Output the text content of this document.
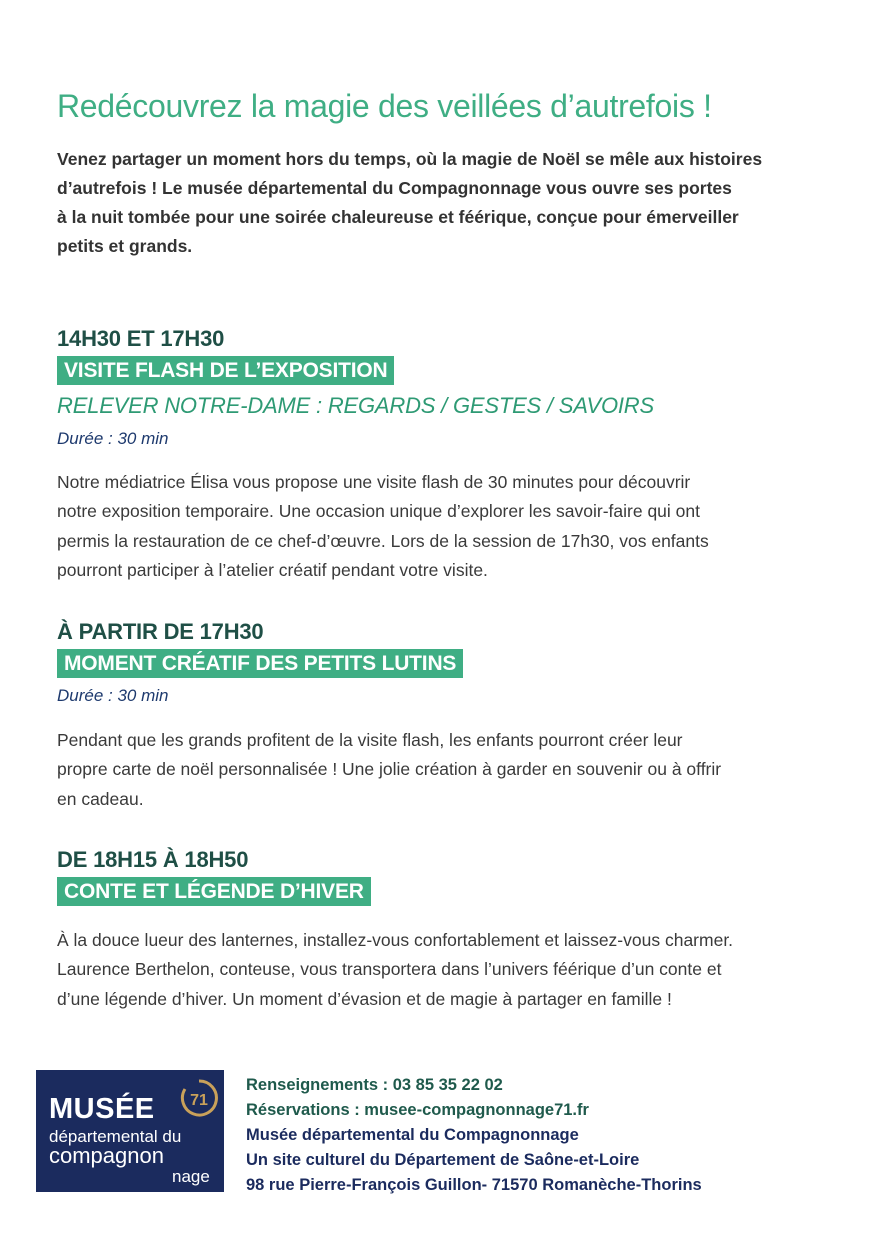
Redécouvrez la magie des veillées d’autrefois !
Venez partager un moment hors du temps, où la magie de Noël se mêle aux histoires
d’autrefois ! Le musée départemental du Compagnonnage vous ouvre ses portes
à la nuit tombée pour une soirée chaleureuse et féérique, conçue pour émerveiller
petits et grands.
14H30 ET 17H30
VISITE FLASH DE L’EXPOSITION
RELEVER NOTRE-DAME : REGARDS / GESTES / SAVOIRS
Durée : 30 min
Notre médiatrice Élisa vous propose une visite flash de 30 minutes pour découvrir
notre exposition temporaire. Une occasion unique d’explorer les savoir-faire qui ont
permis la restauration de ce chef-d’œuvre. Lors de la session de 17h30, vos enfants
pourront participer à l’atelier créatif pendant votre visite.
À PARTIR DE 17H30
MOMENT CRÉATIF DES PETITS LUTINS
Durée : 30 min
Pendant que les grands profitent de la visite flash, les enfants pourront créer leur
propre carte de noël personnalisée ! Une jolie création à garder en souvenir ou à offrir
en cadeau.
DE 18H15 À 18H50
CONTE ET LÉGENDE D’HIVER
À la douce lueur des lanternes, installez-vous confortablement et laissez-vous charmer.
Laurence Berthelon, conteuse, vous transportera dans l’univers féérique d’un conte et
d’une légende d’hiver. Un moment d’évasion et de magie à partager en famille !
71
MUSÉE
départemental du
compagnon
nage
Renseignements : 03 85 35 22 02
Réservations : musee-compagnonnage71.fr
Musée départemental du Compagnonnage
Un site culturel du Département de Saône-et-Loire
98 rue Pierre-François Guillon- 71570 Romanèche-Thorins
